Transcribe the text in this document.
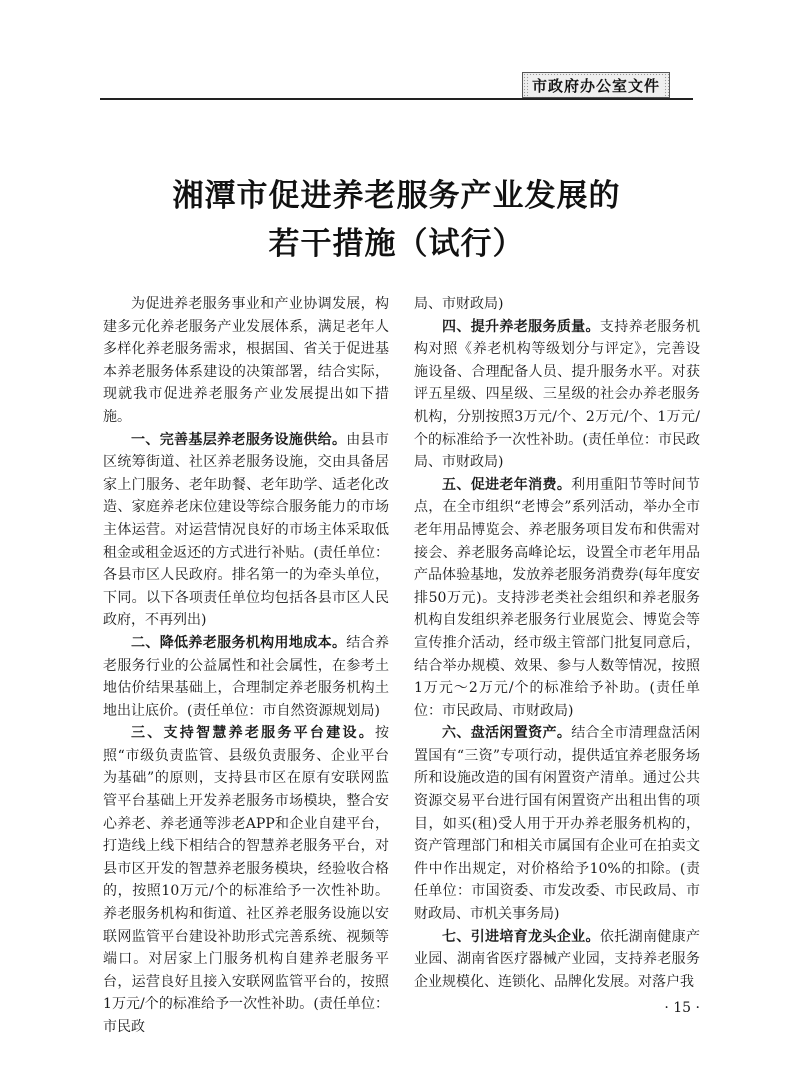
市政府办公室文件
湘潭市促进养老服务产业发展的
若干措施（试行）

为促进养老服务事业和产业协调发展，构建多元化养老服务产业发展体系，满足老年人多样化养老服务需求，根据国、省关于促进基本养老服务体系建设的决策部署，结合实际，现就我市促进养老服务产业发展提出如下措施。

一、完善基层养老服务设施供给。由县市区统筹街道、社区养老服务设施，交由具备居家上门服务、老年助餐、老年助学、适老化改造、家庭养老床位建设等综合服务能力的市场主体运营。对运营情况良好的市场主体采取低租金或租金返还的方式进行补贴。(责任单位：各县市区人民政府。排名第一的为牵头单位，下同。以下各项责任单位均包括各县市区人民政府，不再列出)

二、降低养老服务机构用地成本。结合养老服务行业的公益属性和社会属性，在参考土地估价结果基础上，合理制定养老服务机构土地出让底价。(责任单位：市自然资源规划局)

三、支持智慧养老服务平台建设。按照“市级负责监管、县级负责服务、企业平台为基础”的原则，支持县市区在原有安联网监管平台基础上开发养老服务市场模块，整合安心养老、养老通等涉老APP和企业自建平台，打造线上线下相结合的智慧养老服务平台，对县市区开发的智慧养老服务模块，经验收合格的，按照10万元/个的标准给予一次性补助。养老服务机构和街道、社区养老服务设施以安联网监管平台建设补助形式完善系统、视频等端口。对居家上门服务机构自建养老服务平台，运营良好且接入安联网监管平台的，按照1万元/个的标准给予一次性补助。(责任单位：市民政

局、市财政局)

四、提升养老服务质量。支持养老服务机构对照《养老机构等级划分与评定》，完善设施设备、合理配备人员、提升服务水平。对获评五星级、四星级、三星级的社会办养老服务机构，分别按照3万元/个、2万元/个、1万元/个的标准给予一次性补助。(责任单位：市民政局、市财政局)

五、促进老年消费。利用重阳节等时间节点，在全市组织“老博会”系列活动，举办全市老年用品博览会、养老服务项目发布和供需对接会、养老服务高峰论坛，设置全市老年用品产品体验基地，发放养老服务消费券(每年度安排50万元)。支持涉老类社会组织和养老服务机构自发组织养老服务行业展览会、博览会等宣传推介活动，经市级主管部门批复同意后，结合举办规模、效果、参与人数等情况，按照1万元～2万元/个的标准给予补助。(责任单位：市民政局、市财政局)

六、盘活闲置资产。结合全市清理盘活闲置国有“三资”专项行动，提供适宜养老服务场所和设施改造的国有闲置资产清单。通过公共资源交易平台进行国有闲置资产出租出售的项目，如买(租)受人用于开办养老服务机构的，资产管理部门和相关市属国有企业可在拍卖文件中作出规定，对价格给予10%的扣除。(责任单位：市国资委、市发改委、市民政局、市财政局、市机关事务局)

七、引进培育龙头企业。依托湖南健康产业园、湖南省医疗器械产业园，支持养老服务企业规模化、连锁化、品牌化发展。对落户我

· 15 ·
